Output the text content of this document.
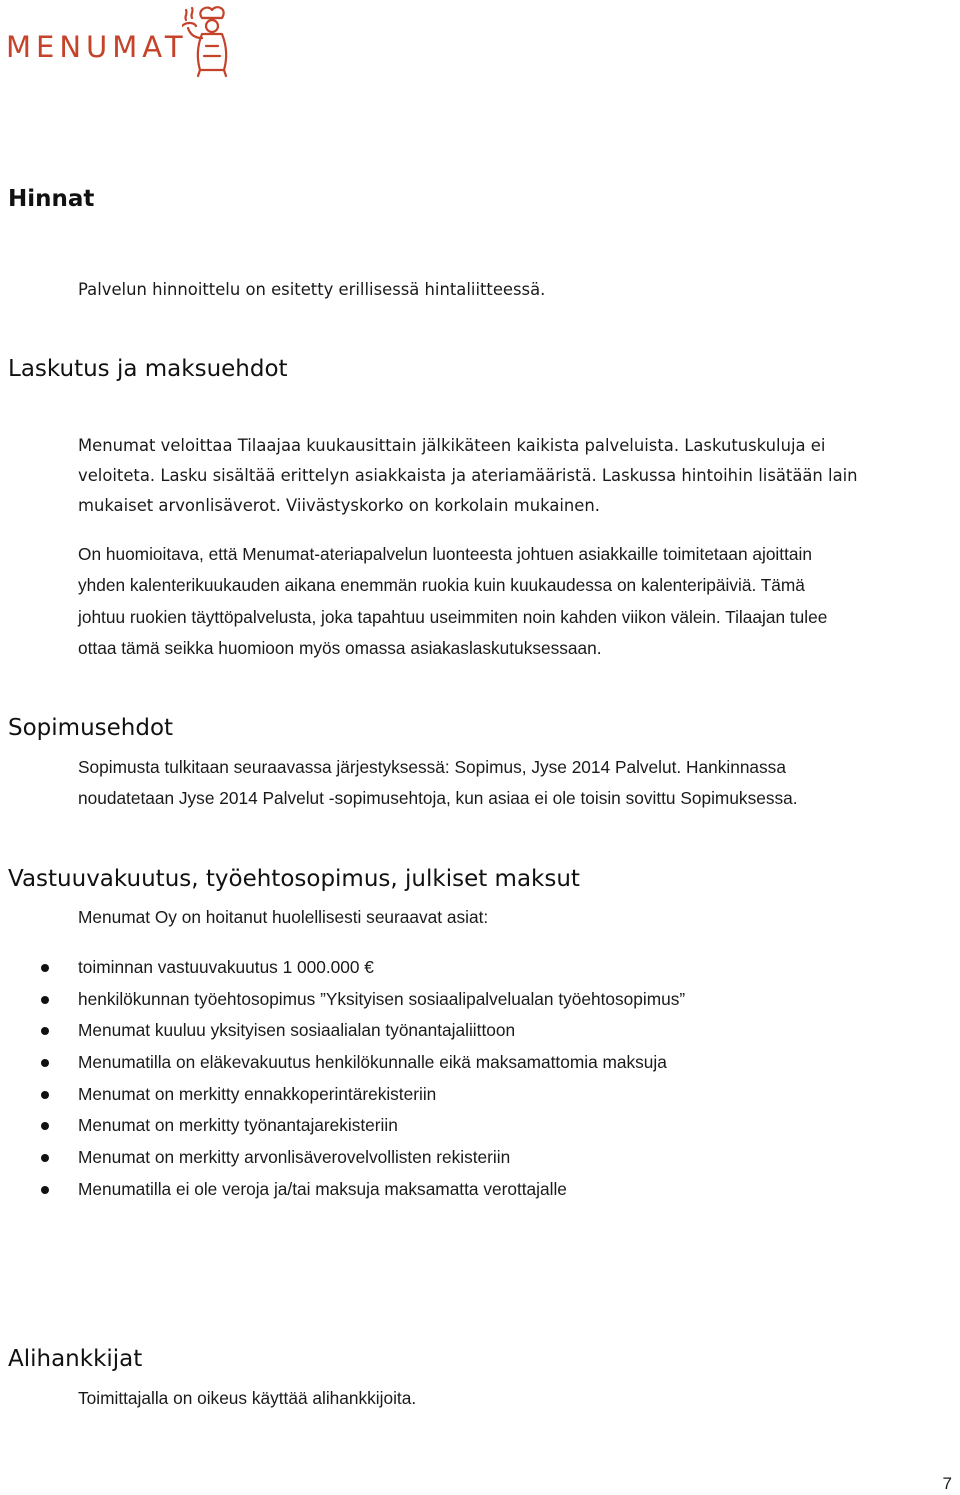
MENUMAT
Hinnat

Palvelun hinnoittelu on esitetty erillisessä hintaliitteessä.

Laskutus ja maksuehdot

Menumat veloittaa Tilaajaa kuukausittain jälkikäteen kaikista palveluista. Laskutuskuluja ei

veloiteta. Lasku sisältää erittelyn asiakkaista ja ateriamääristä. Laskussa hintoihin lisätään lain

mukaiset arvonlisäverot. Viivästyskorko on korkolain mukainen.

On huomioitava, että Menumat-ateriapalvelun luonteesta johtuen asiakkaille toimitetaan ajoittain

yhden kalenterikuukauden aikana enemmän ruokia kuin kuukaudessa on kalenteripäiviä. Tämä

johtuu ruokien täyttöpalvelusta, joka tapahtuu useimmiten noin kahden viikon välein. Tilaajan tulee

ottaa tämä seikka huomioon myös omassa asiakaslaskutuksessaan.

Sopimusehdot

Sopimusta tulkitaan seuraavassa järjestyksessä: Sopimus, Jyse 2014 Palvelut. Hankinnassa

noudatetaan Jyse 2014 Palvelut -sopimusehtoja, kun asiaa ei ole toisin sovittu Sopimuksessa.

Vastuuvakuutus, työehtosopimus, julkiset maksut

Menumat Oy on hoitanut huolellisesti seuraavat asiat:

toiminnan vastuuvakuutus 1 000.000 €
henkilökunnan työehtosopimus ”Yksityisen sosiaalipalvelualan työehtosopimus”
Menumat kuuluu yksityisen sosiaalialan työnantajaliittoon
Menumatilla on eläkevakuutus henkilökunnalle eikä maksamattomia maksuja
Menumat on merkitty ennakkoperintärekisteriin
Menumat on merkitty työnantajarekisteriin
Menumat on merkitty arvonlisäverovelvollisten rekisteriin
Menumatilla ei ole veroja ja/tai maksuja maksamatta verottajalle
Alihankkijat

Toimittajalla on oikeus käyttää alihankkijoita.

7
